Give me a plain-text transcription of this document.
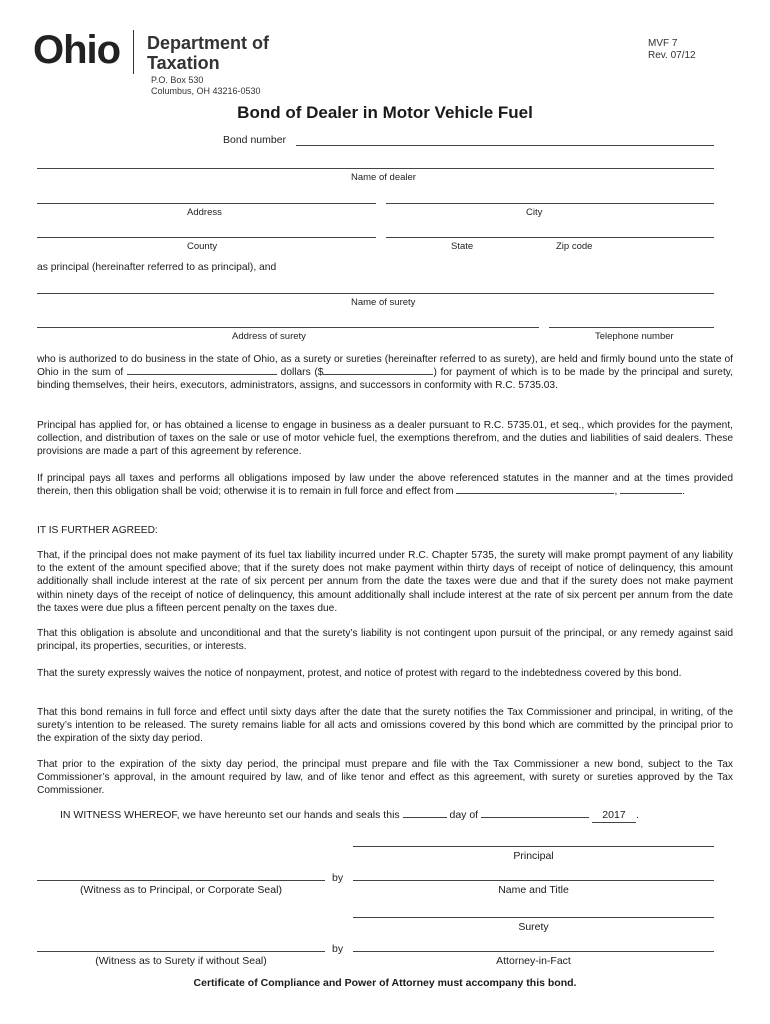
Ohio Department of
Taxation
MVF 7
Rev. 07/12
P.O. Box 530
Columbus, OH 43216-0530
Bond of Dealer in Motor Vehicle Fuel
Bond number
Name of dealer
Address	City
County	State	Zip code
as principal (hereinafter referred to as principal), and
Name of surety
Address of surety	Telephone number
who is authorized to do business in the state of Ohio, as a surety or sureties (hereinafter referred to as surety), are held and firmly bound unto the state of Ohio in the sum of	dollars ($	) for payment of which is to be made by the principal and surety, binding themselves, their heirs, executors, administrators, assigns, and successors in conformity with R.C. 5735.03.
Principal has applied for, or has obtained a license to engage in business as a dealer pursuant to R.C. 5735.01, et seq., which provides for the payment, collection, and distribution of taxes on the sale or use of motor vehicle fuel, the exemptions therefrom, and the duties and liabilities of said dealers. These provisions are made a part of this agreement by reference.
If principal pays all taxes and performs all obligations imposed by law under the above referenced statutes in the manner and at the times provided therein, then this obligation shall be void; otherwise it is to remain in full force and effect from	,	.
IT IS FURTHER AGREED:
That, if the principal does not make payment of its fuel tax liability incurred under R.C. Chapter 5735, the surety will make prompt payment of any liability to the extent of the amount specified above; that if the surety does not make payment within thirty days of receipt of notice of delinquency, this amount additionally shall include interest at the rate of six percent per annum from the date the taxes were due and that if the surety does not make payment within ninety days of the receipt of notice of delinquency, this amount additionally shall include interest at the rate of six percent per annum from the date the taxes were due plus a fifteen percent penalty on the taxes due.
That this obligation is absolute and unconditional and that the surety’s liability is not contingent upon pursuit of the principal, or any remedy against said principal, its properties, securities, or interests.
That the surety expressly waives the notice of nonpayment, protest, and notice of protest with regard to the indebtedness covered by this bond.
That this bond remains in full force and effect until sixty days after the date that the surety notifies the Tax Commissioner and principal, in writing, of the surety’s intention to be released. The surety remains liable for all acts and omissions covered by this bond which are committed by the principal prior to the expiration of the sixty day period.
That prior to the expiration of the sixty day period, the principal must prepare and file with the Tax Commissioner a new bond, subject to the Tax Commissioner’s approval, in the amount required by law, and of like tenor and effect as this agreement, with surety or sureties approved by the Tax Commissioner.
IN WITNESS WHEREOF, we have hereunto set our hands and seals this	day of	2017 .
Principal
by
(Witness as to Principal, or Corporate Seal)	Name and Title
Surety
by
(Witness as to Surety if without Seal)	Attorney-in-Fact
Certificate of Compliance and Power of Attorney must accompany this bond.
